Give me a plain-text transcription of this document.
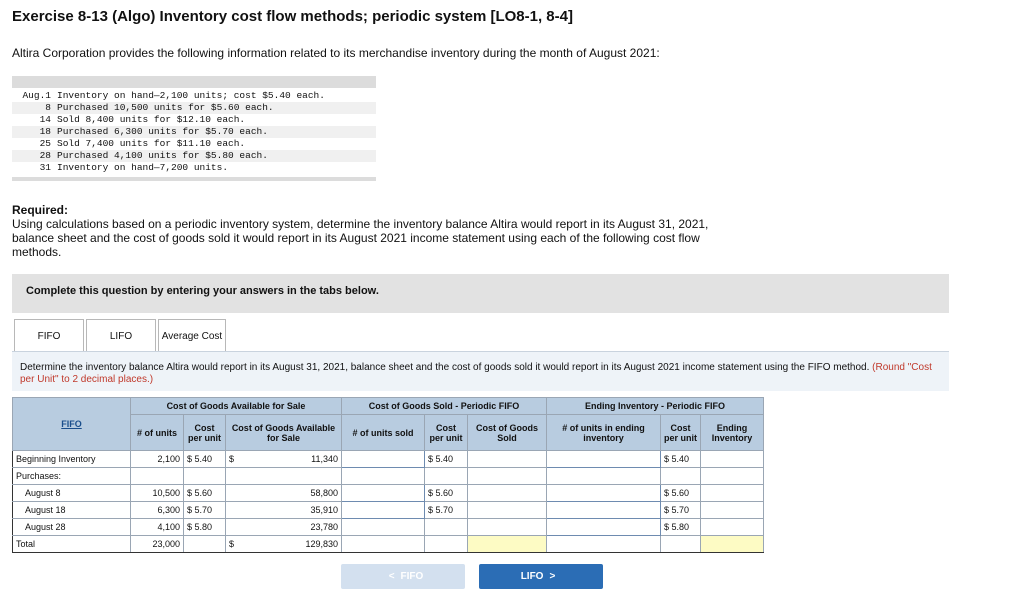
Exercise 8-13 (Algo) Inventory cost flow methods; periodic system [LO8-1, 8-4]
Altira Corporation provides the following information related to its merchandise inventory during the month of August 2021:
Aug.1 Inventory on hand—2,100 units; cost $5.40 each.
8 Purchased 10,500 units for $5.60 each.
14 Sold 8,400 units for $12.10 each.
18 Purchased 6,300 units for $5.70 each.
25 Sold 7,400 units for $11.10 each.
28 Purchased 4,100 units for $5.80 each.
31 Inventory on hand—7,200 units.
Required:
Using calculations based on a periodic inventory system, determine the inventory balance Altira would report in its August 31, 2021, balance sheet and the cost of goods sold it would report in its August 2021 income statement using each of the following cost flow methods.
Complete this question by entering your answers in the tabs below.
FIFO	LIFO	Average Cost
Determine the inventory balance Altira would report in its August 31, 2021, balance sheet and the cost of goods sold it would report in its August 2021 income statement using the FIFO method. (Round "Cost per Unit" to 2 decimal places.)
FIFO	Cost of Goods Available for Sale			Cost of Goods Sold - Periodic FIFO			Ending Inventory - Periodic FIFO		
	# of units	Cost per unit	Cost of Goods Available for Sale	# of units sold	Cost per unit	Cost of Goods Sold	# of units in ending inventory	Cost per unit	Ending Inventory
Beginning Inventory	2,100	$ 5.40	$ 11,340		$ 5.40			$ 5.40	
Purchases:									
August 8	10,500	$ 5.60	58,800		$ 5.60			$ 5.60	
August 18	6,300	$ 5.70	35,910		$ 5.70			$ 5.70	
August 28	4,100	$ 5.80	23,780					$ 5.80	
Total	23,000		$ 129,830						
< FIFO	LIFO >
